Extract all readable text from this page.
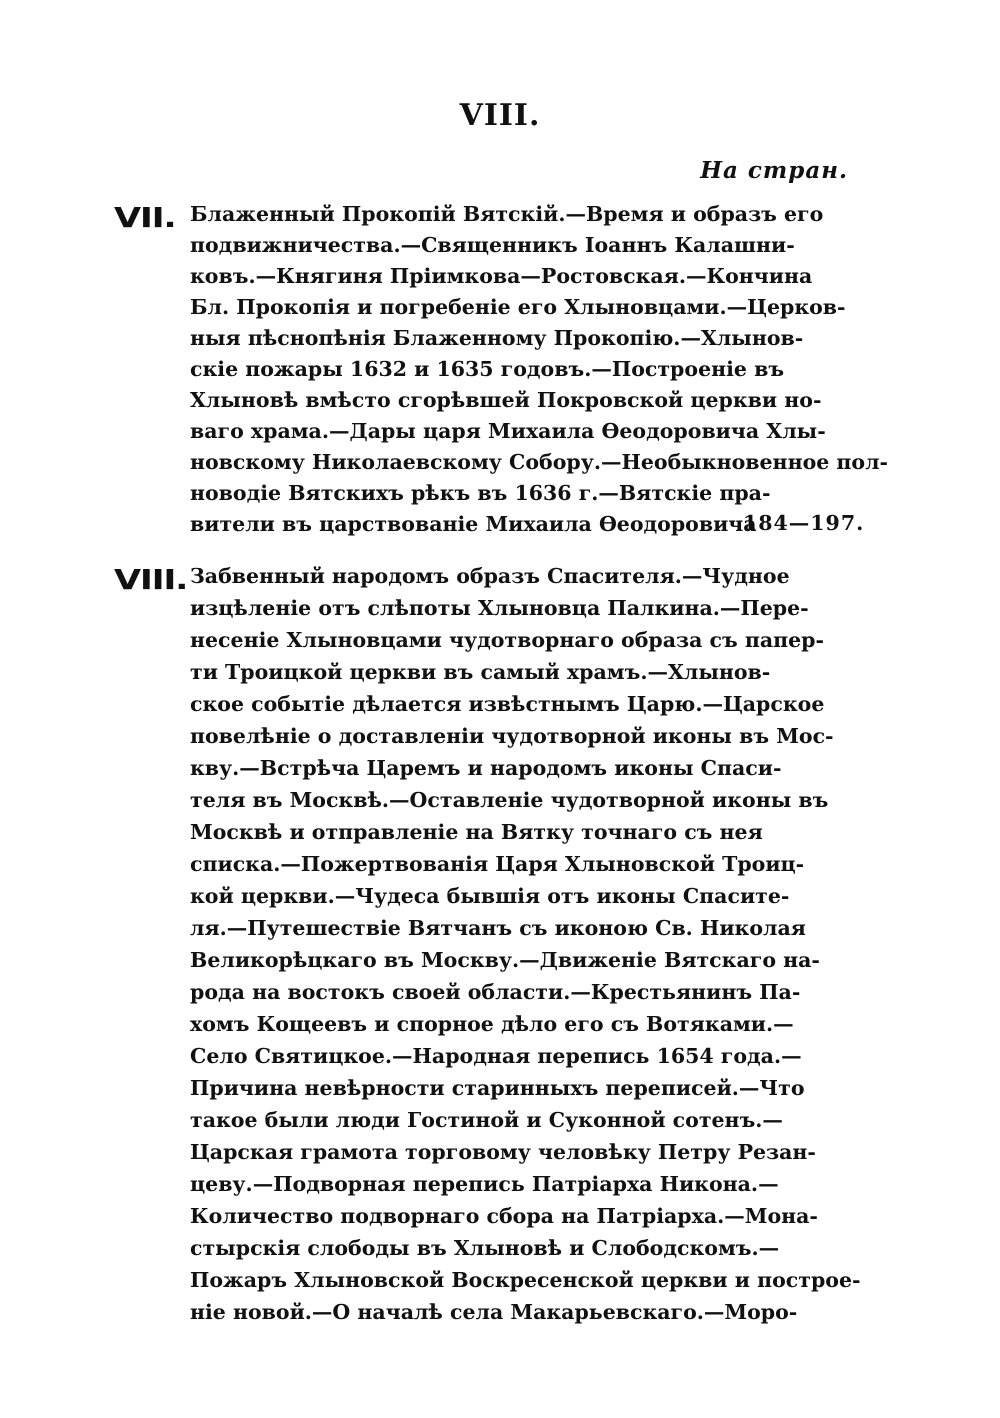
VIII.
На стран.
VII. Блаженный Прокопій Вятскій.—Время и образъ его
подвижничества.—Священникъ Іоаннъ Калашни-
ковъ.—Княгиня Пріимкова—Ростовская.—Кончина
Бл. Прокопія и погребеніе его Хлыновцами.—Церков-
ныя пѣснопѣнія Блаженному Прокопію.—Хлынов-
скіе пожары 1632 и 1635 годовъ.—Построеніе въ
Хлыновѣ вмѣсто сгорѣвшей Покровской церкви но-
ваго храма.—Дары царя Михаила Ѳеодоровича Хлы-
новскому Николаевскому Собору.—Необыкновенное пол-
новодіе Вятскихъ рѣкъ въ 1636 г.—Вятскіе пра-
вители въ царствованіе Михаила Ѳеодоровича
184—197.
VIII. Забвенный народомъ образъ Спасителя.—Чудное
изцѣленіе отъ слѣпоты Хлыновца Палкина.—Пере-
несеніе Хлыновцами чудотворнаго образа съ папер-
ти Троицкой церкви въ самый храмъ.—Хлынов-
ское событіе дѣлается извѣстнымъ Царю.—Царское
повелѣніе о доставленіи чудотворной иконы въ Мос-
кву.—Встрѣча Царемъ и народомъ иконы Спаси-
теля въ Москвѣ.—Оставленіе чудотворной иконы въ
Москвѣ и отправленіе на Вятку точнаго съ нея
списка.—Пожертвованія Царя Хлыновской Троиц-
кой церкви.—Чудеса бывшія отъ иконы Спасите-
ля.—Путешествіе Вятчанъ съ иконою Св. Николая
Великорѣцкаго въ Москву.—Движеніе Вятскаго на-
рода на востокъ своей области.—Крестьянинъ Па-
хомъ Кощеевъ и спорное дѣло его съ Вотяками.—
Село Святицкое.—Народная перепись 1654 года.—
Причина невѣрности старинныхъ переписей.—Что
такое были люди Гостиной и Суконной сотенъ.—
Царская грамота торговому человѣку Петру Резан-
цеву.—Подворная перепись Патріарха Никона.—
Количество подворнаго сбора на Патріарха.—Мона-
стырскія слободы въ Хлыновѣ и Слободскомъ.—
Пожаръ Хлыновской Воскресенской церкви и построе-
ніе новой.—О началѣ села Макарьевскаго.—Моро-
